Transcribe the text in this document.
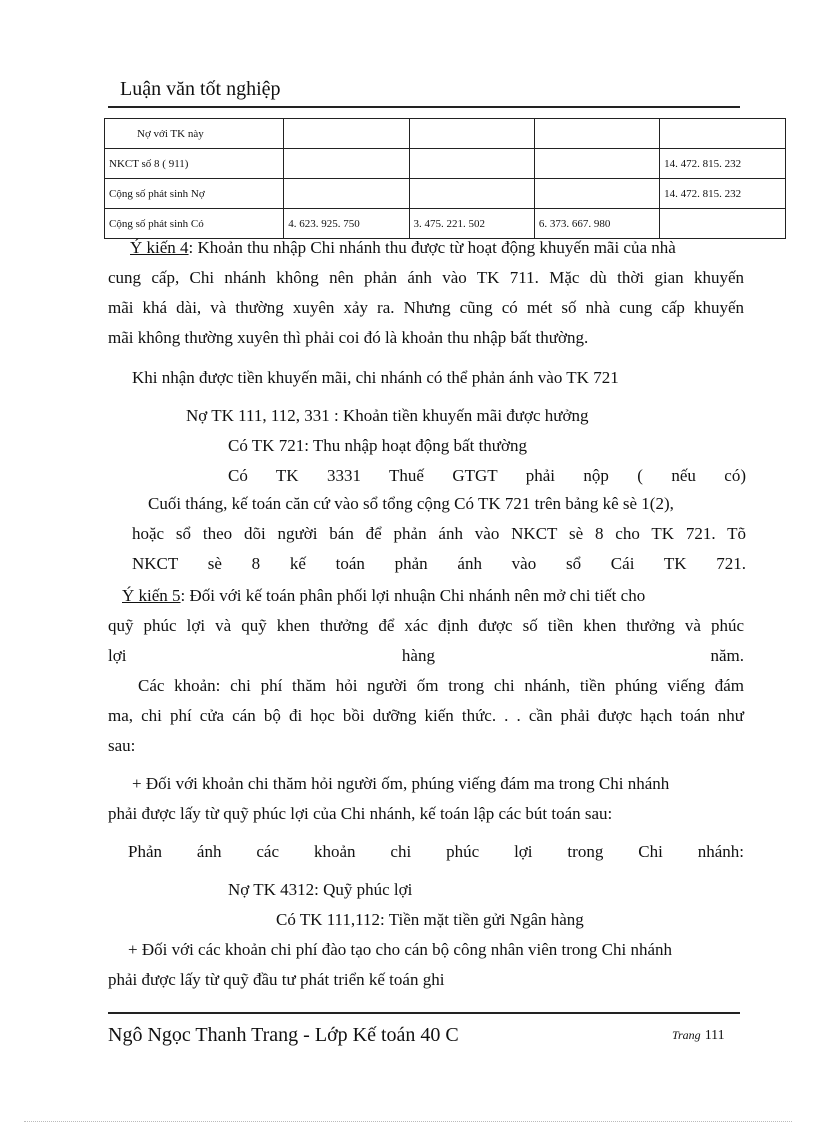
Luận văn tốt nghiệp
Nợ với TK này				
NKCT số 8 ( 911)				14. 472. 815. 232
Cộng số phát sinh Nợ				14. 472. 815. 232
Cộng số phát sinh Có	4. 623. 925. 750	3. 475. 221. 502	6. 373. 667. 980	
Ý kiến 4: Khoản thu nhập Chi nhánh thu được từ hoạt động khuyến mãi của nhà
cung cấp, Chi nhánh không nên phản ánh vào TK 711. Mặc dù thời gian khuyến
mãi khá dài, và thường xuyên xảy ra. Nhưng cũng có mét số nhà cung cấp khuyến
mãi không thường xuyên thì phải coi đó là khoản thu nhập bất thường.
Khi nhận được tiền khuyến mãi, chi nhánh có thể phản ánh vào TK 721
Nợ TK 111, 112, 331 : Khoản tiền khuyến mãi được hưởng
Có TK 721: Thu nhập hoạt động bất thường
Có TK 3331 Thuế GTGT phải nộp ( nếu có)
Cuối tháng, kế toán căn cứ vào sổ tổng cộng Có TK 721 trên bảng kê sè 1(2),
hoặc sổ theo dõi người bán để phản ánh vào NKCT sè 8 cho TK 721. Tõ
NKCT sè 8 kế toán phản ánh vào sổ Cái TK 721.
Ý kiến 5: Đối với kế toán phân phối lợi nhuận Chi nhánh nên mở chi tiết cho
quỹ phúc lợi và quỹ khen thưởng để xác định được số tiền khen thưởng và phúc
lợi hàng năm.
Các khoản: chi phí thăm hỏi người ốm trong chi nhánh, tiền phúng viếng đám
ma, chi phí cửa cán bộ đi học bồi dưỡng kiến thức. . . cần phải được hạch toán như
sau:
+ Đối với khoản chi thăm hỏi người ốm, phúng viếng đám ma trong Chi nhánh
phải được lấy từ quỹ phúc lợi của Chi nhánh, kế toán lập các bút toán sau:
Phản ánh các khoản chi phúc lợi trong Chi nhánh:
Nợ TK 4312: Quỹ phúc lợi
Có TK 111,112: Tiền mặt tiền gửi Ngân hàng
+ Đối với các khoản chi phí đào tạo cho cán bộ công nhân viên trong Chi nhánh
phải được lấy từ quỹ đầu tư phát triển kế toán ghi
Ngô Ngọc Thanh Trang - Lớp Kế toán 40 C	Trang 111
